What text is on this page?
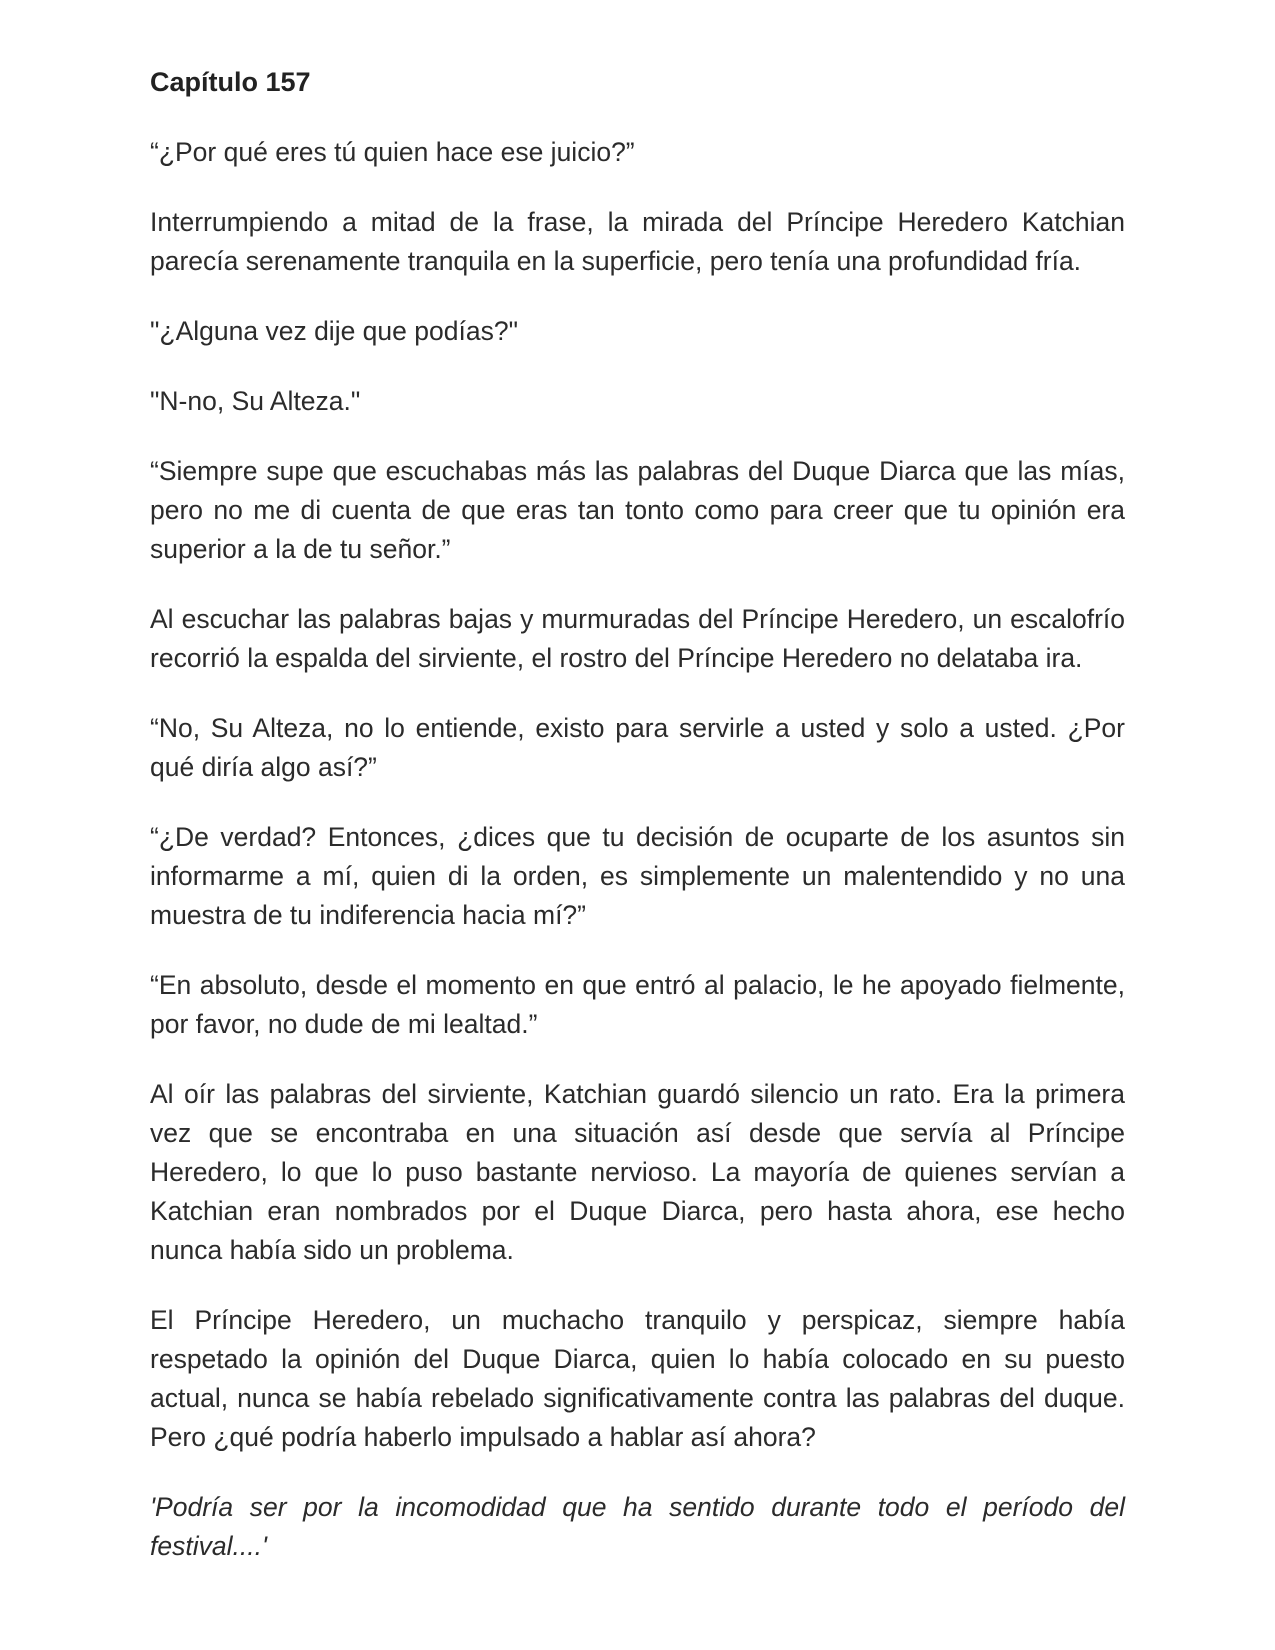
Capítulo 157

“¿Por qué eres tú quien hace ese juicio?”

Interrumpiendo a mitad de la frase, la mirada del Príncipe Heredero Katchian parecía serenamente tranquila en la superficie, pero tenía una profundidad fría.

"¿Alguna vez dije que podías?"

"N-no, Su Alteza."

“Siempre supe que escuchabas más las palabras del Duque Diarca que las mías, pero no me di cuenta de que eras tan tonto como para creer que tu opinión era superior a la de tu señor.”

Al escuchar las palabras bajas y murmuradas del Príncipe Heredero, un escalofrío recorrió la espalda del sirviente, el rostro del Príncipe Heredero no delataba ira.

“No, Su Alteza, no lo entiende, existo para servirle a usted y solo a usted. ¿Por qué diría algo así?”

“¿De verdad? Entonces, ¿dices que tu decisión de ocuparte de los asuntos sin informarme a mí, quien di la orden, es simplemente un malentendido y no una muestra de tu indiferencia hacia mí?”

“En absoluto, desde el momento en que entró al palacio, le he apoyado fielmente, por favor, no dude de mi lealtad.”

Al oír las palabras del sirviente, Katchian guardó silencio un rato. Era la primera vez que se encontraba en una situación así desde que servía al Príncipe Heredero, lo que lo puso bastante nervioso. La mayoría de quienes servían a Katchian eran nombrados por el Duque Diarca, pero hasta ahora, ese hecho nunca había sido un problema.

El Príncipe Heredero, un muchacho tranquilo y perspicaz, siempre había respetado la opinión del Duque Diarca, quien lo había colocado en su puesto actual, nunca se había rebelado significativamente contra las palabras del duque. Pero ¿qué podría haberlo impulsado a hablar así ahora?

'Podría ser por la incomodidad que ha sentido durante todo el período del festival....'
